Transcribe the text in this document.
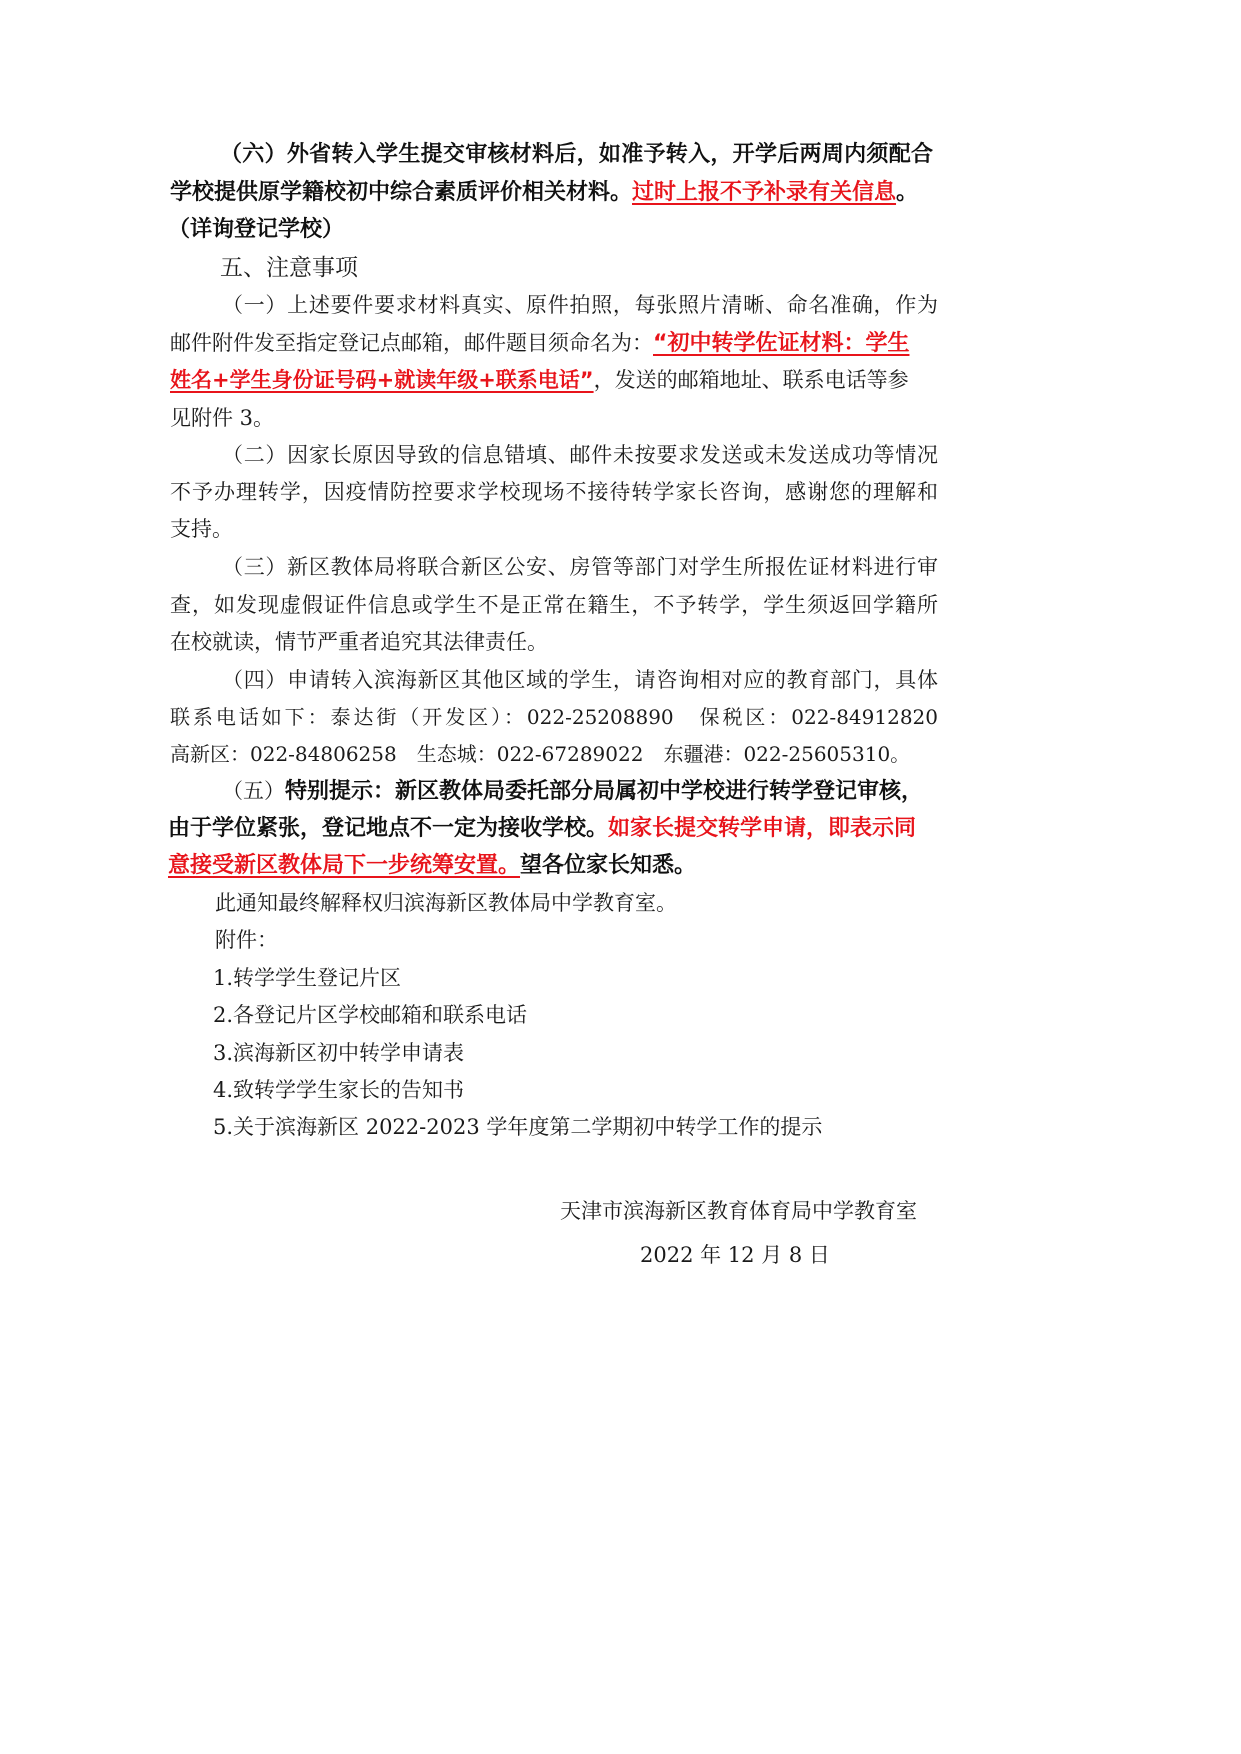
（六）外省转入学生提交审核材料后，如准予转入，开学后两周内须配合
学校提供原学籍校初中综合素质评价相关材料。过时上报不予补录有关信息。
（详询登记学校）
五、注意事项
（一）上述要件要求材料真实、原件拍照，每张照片清晰、命名准确，作为
邮件附件发至指定登记点邮箱，邮件题目须命名为：“初中转学佐证材料：学生
姓名+学生身份证号码+就读年级+联系电话”，发送的邮箱地址、联系电话等参
见附件 3。
（二）因家长原因导致的信息错填、邮件未按要求发送或未发送成功等情况
不予办理转学，因疫情防控要求学校现场不接待转学家长咨询，感谢您的理解和
支持。
（三）新区教体局将联合新区公安、房管等部门对学生所报佐证材料进行审
查，如发现虚假证件信息或学生不是正常在籍生，不予转学，学生须返回学籍所
在校就读，情节严重者追究其法律责任。
（四）申请转入滨海新区其他区域的学生，请咨询相对应的教育部门，具体
联系电话如下：泰达街（开发区）：022-25208890　保税区：022-84912820
高新区：022-84806258　生态城：022-67289022　东疆港：022-25605310。
（五）特别提示：新区教体局委托部分局属初中学校进行转学登记审核，
由于学位紧张，登记地点不一定为接收学校。如家长提交转学申请，即表示同
意接受新区教体局下一步统筹安置。望各位家长知悉。
此通知最终解释权归滨海新区教体局中学教育室。
附件：
1.转学学生登记片区
2.各登记片区学校邮箱和联系电话
3.滨海新区初中转学申请表
4.致转学学生家长的告知书
5.关于滨海新区 2022-2023 学年度第二学期初中转学工作的提示
天津市滨海新区教育体育局中学教育室
2022 年 12 月 8 日
